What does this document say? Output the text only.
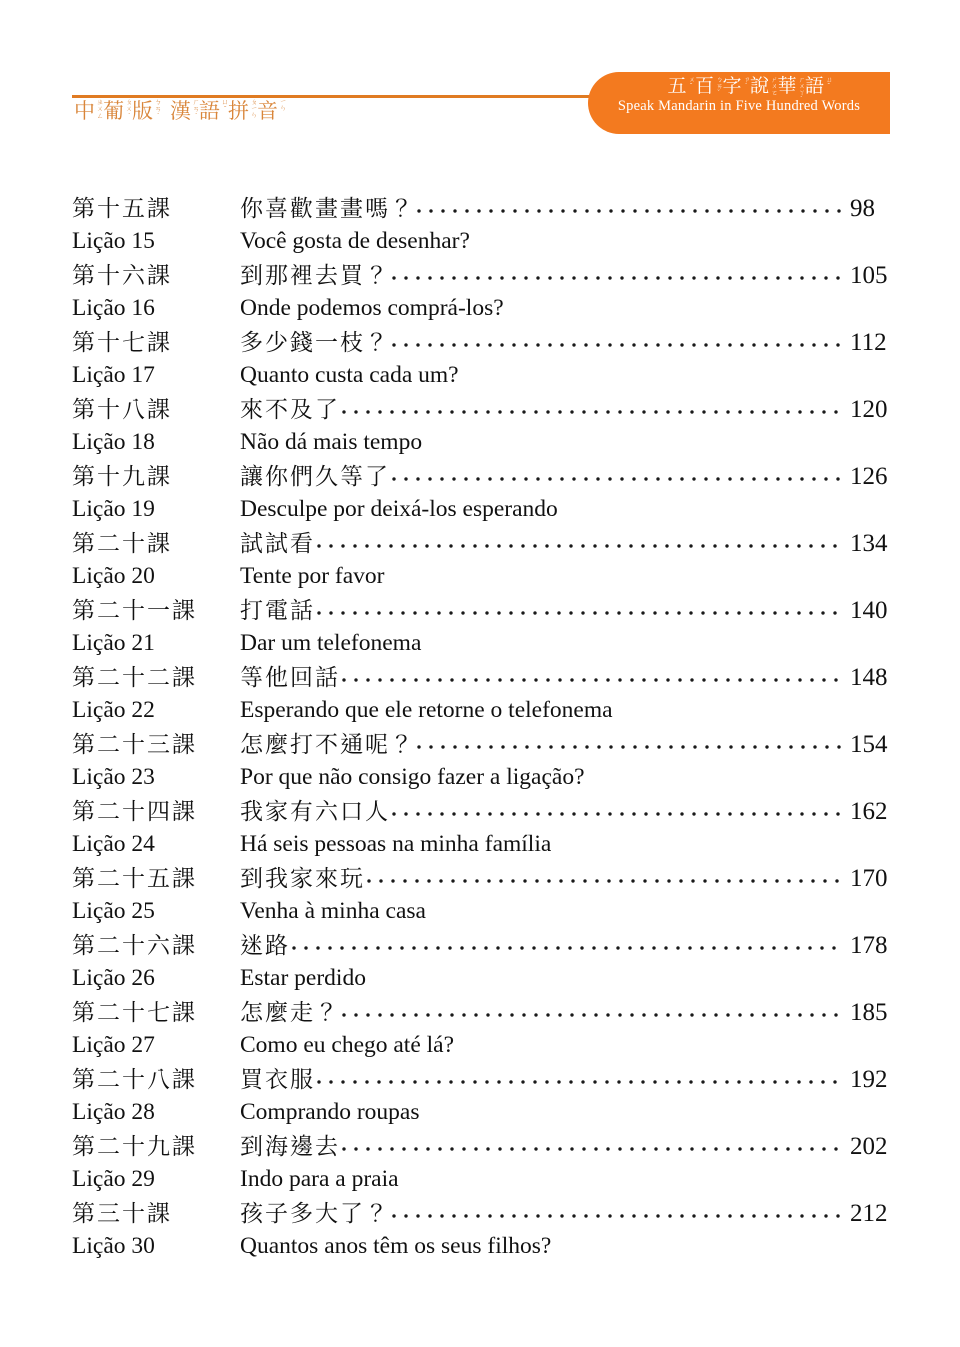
中 ㄓㄨㄥ
葡 ㄆㄨˊ
版 ㄅㄢˋ 漢 ㄏㄢˋ
語 ㄩˇ
拼 ㄆㄧㄣ
音 ㄧㄣ
五 ㄨˇ 百 ㄅㄞˇ 字 ㄗˋ 說 ㄕㄨㄛ 華 ㄏㄨㄚˊ 語 ㄩˇ
Speak Mandarin in Five Hundred Words
第十五課	你喜歡畫畫嗎？	98
Lição 15	Você gosta de desenhar?
第十六課	到那裡去買？	105
Lição 16	Onde podemos comprá-los?
第十七課	多少錢一枝？	112
Lição 17	Quanto custa cada um?
第十八課	來不及了	120
Lição 18	Não dá mais tempo
第十九課	讓你們久等了	126
Lição 19	Desculpe por deixá-los esperando
第二十課	試試看	134
Lição 20	Tente por favor
第二十一課	打電話	140
Lição 21	Dar um telefonema
第二十二課	等他回話	148
Lição 22	Esperando que ele retorne o telefonema
第二十三課	怎麼打不通呢？	154
Lição 23	Por que não consigo fazer a ligação?
第二十四課	我家有六口人	162
Lição 24	Há seis pessoas na minha família
第二十五課	到我家來玩	170
Lição 25	Venha à minha casa
第二十六課	迷路	178
Lição 26	Estar perdido
第二十七課	怎麼走？	185
Lição 27	Como eu chego até lá?
第二十八課	買衣服	192
Lição 28	Comprando roupas
第二十九課	到海邊去	202
Lição 29	Indo para a praia
第三十課	孩子多大了？	212
Lição 30	Quantos anos têm os seus filhos?
